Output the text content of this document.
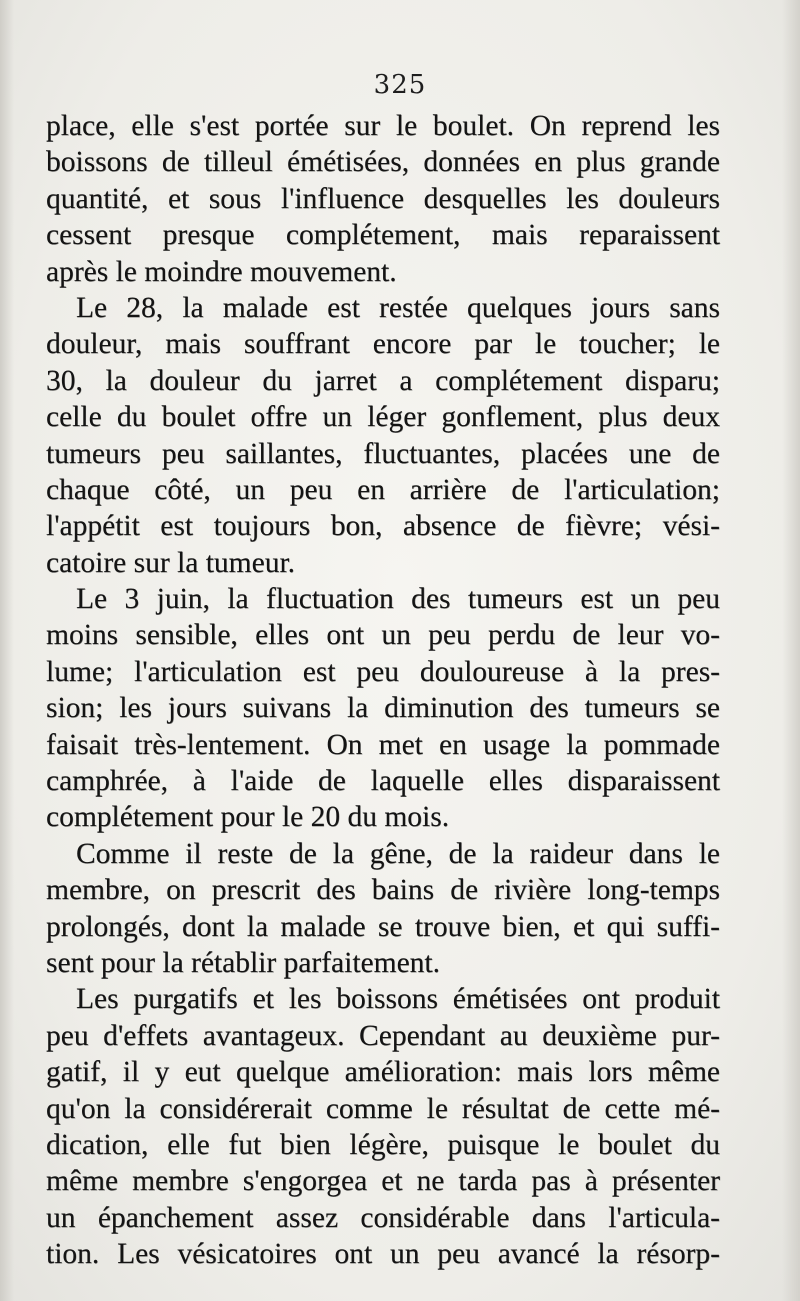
325
place, elle s'est portée sur le boulet. On reprend les
boissons de tilleul émétisées, données en plus grande
quantité, et sous l'influence desquelles les douleurs
cessent presque complétement, mais reparaissent
après le moindre mouvement.
Le 28, la malade est restée quelques jours sans
douleur, mais souffrant encore par le toucher; le
30, la douleur du jarret a complétement disparu;
celle du boulet offre un léger gonflement, plus deux
tumeurs peu saillantes, fluctuantes, placées une de
chaque côté, un peu en arrière de l'articulation;
l'appétit est toujours bon, absence de fièvre; vési-
catoire sur la tumeur.
Le 3 juin, la fluctuation des tumeurs est un peu
moins sensible, elles ont un peu perdu de leur vo-
lume; l'articulation est peu douloureuse à la pres-
sion; les jours suivans la diminution des tumeurs se
faisait très-lentement. On met en usage la pommade
camphrée, à l'aide de laquelle elles disparaissent
complétement pour le 20 du mois.
Comme il reste de la gêne, de la raideur dans le
membre, on prescrit des bains de rivière long-temps
prolongés, dont la malade se trouve bien, et qui suffi-
sent pour la rétablir parfaitement.
Les purgatifs et les boissons émétisées ont produit
peu d'effets avantageux. Cependant au deuxième pur-
gatif, il y eut quelque amélioration: mais lors même
qu'on la considérerait comme le résultat de cette mé-
dication, elle fut bien légère, puisque le boulet du
même membre s'engorgea et ne tarda pas à présenter
un épanchement assez considérable dans l'articula-
tion. Les vésicatoires ont un peu avancé la résorp-
